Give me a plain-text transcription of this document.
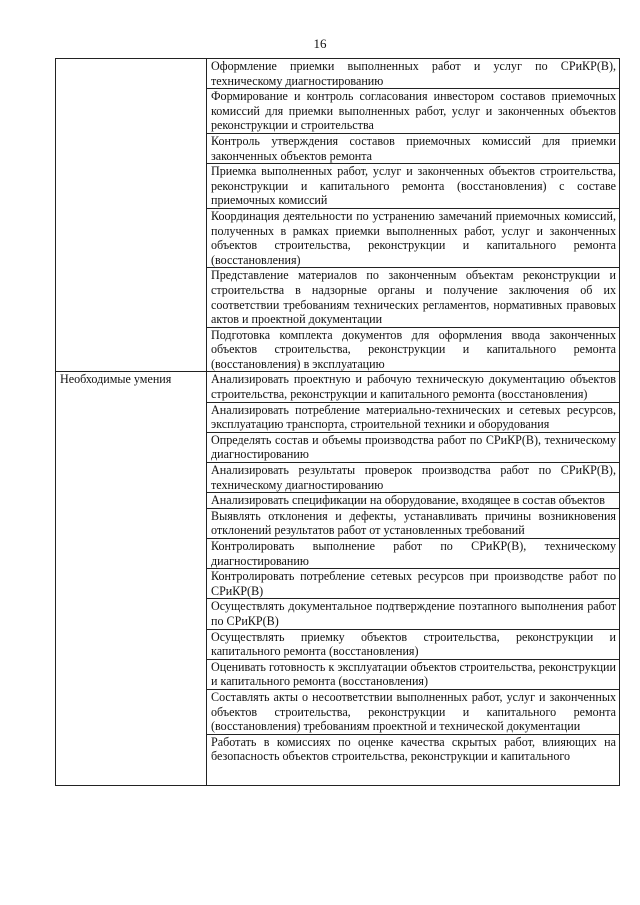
16
	Оформление приемки выполненных работ и услуг по СРиКР(В), техническому диагностированию
	Формирование и контроль согласования инвестором составов приемочных комиссий для приемки выполненных работ, услуг и законченных объектов реконструкции и строительства
	Контроль утверждения составов приемочных комиссий для приемки законченных объектов ремонта
	Приемка выполненных работ, услуг и законченных объектов строительства, реконструкции и капитального ремонта (восстановления) с составе приемочных комиссий
	Координация деятельности по устранению замечаний приемочных комиссий, полученных в рамках приемки выполненных работ, услуг и законченных объектов строительства, реконструкции и капитального ремонта (восстановления)
	Представление материалов по законченным объектам реконструкции и строительства в надзорные органы и получение заключения об их соответствии требованиям технических регламентов, нормативных правовых актов и проектной документации
	Подготовка комплекта документов для оформления ввода законченных объектов строительства, реконструкции и капитального ремонта (восстановления) в эксплуатацию
Необходимые умения	Анализировать проектную и рабочую техническую документацию объектов строительства, реконструкции и капитального ремонта (восстановления)
	Анализировать потребление материально-технических и сетевых ресурсов, эксплуатацию транспорта, строительной техники и оборудования
	Определять состав и объемы производства работ по СРиКР(В), техническому диагностированию
	Анализировать результаты проверок производства работ по СРиКР(В), техническому диагностированию
	Анализировать спецификации на оборудование, входящее в состав объектов
	Выявлять отклонения и дефекты, устанавливать причины возникновения отклонений результатов работ от установленных требований
	Контролировать выполнение работ по СРиКР(В), техническому диагностированию
	Контролировать потребление сетевых ресурсов при производстве работ по СРиКР(В)
	Осуществлять документальное подтверждение поэтапного выполнения работ по СРиКР(В)
	Осуществлять приемку объектов строительства, реконструкции и капитального ремонта (восстановления)
	Оценивать готовность к эксплуатации объектов строительства, реконструкции и капитального ремонта (восстановления)
	Составлять акты о несоответствии выполненных работ, услуг и законченных объектов строительства, реконструкции и капитального ремонта (восстановления) требованиям проектной и технической документации

	Работать в комиссиях по оценке качества скрытых работ, влияющих на безопасность объектов строительства, реконструкции и капитального
